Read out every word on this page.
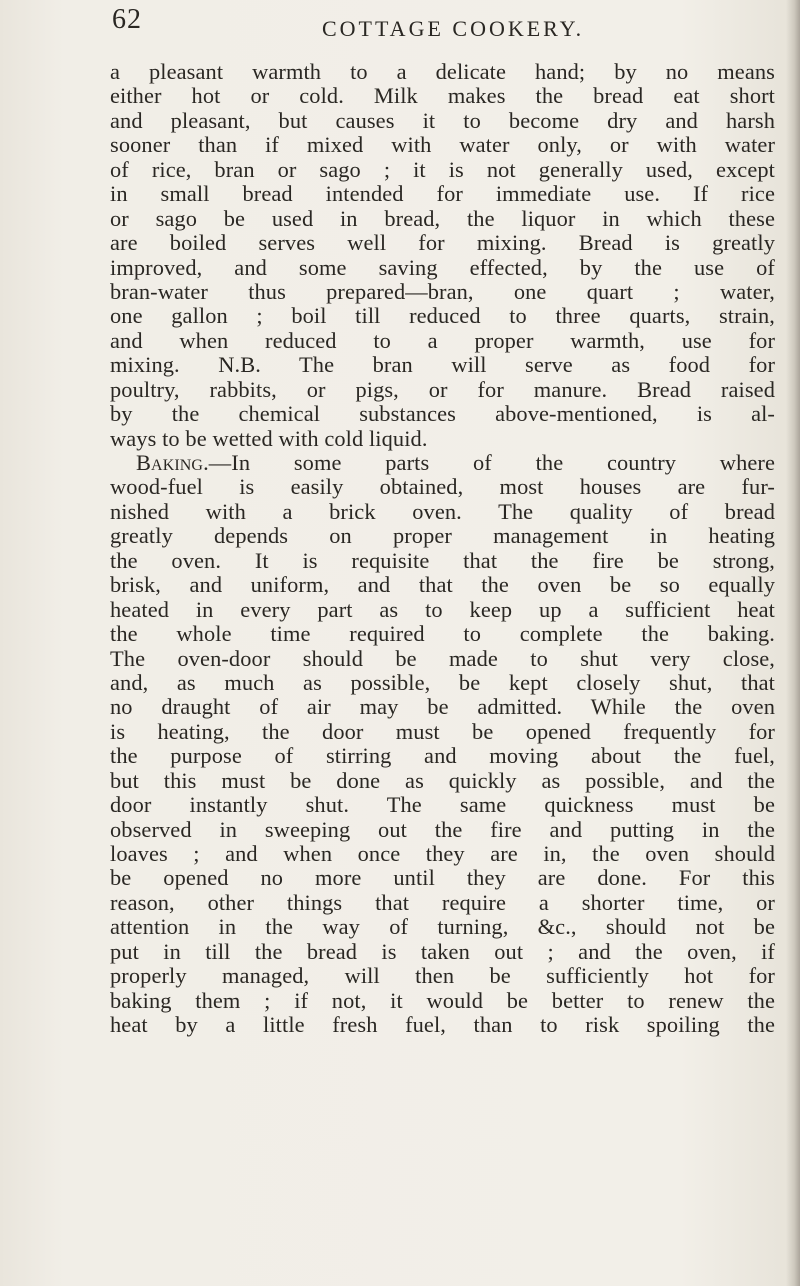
62	COTTAGE COOKERY.
a pleasant warmth to a delicate hand; by no means
either hot or cold. Milk makes the bread eat short
and pleasant, but causes it to become dry and harsh
sooner than if mixed with water only, or with water
of rice, bran or sago ; it is not generally used, except
in small bread intended for immediate use. If rice
or sago be used in bread, the liquor in which these
are boiled serves well for mixing. Bread is greatly
improved, and some saving effected, by the use of
bran-water thus prepared—bran, one quart ; water,
one gallon ; boil till reduced to three quarts, strain,
and when reduced to a proper warmth, use for
mixing. N.B. The bran will serve as food for
poultry, rabbits, or pigs, or for manure. Bread raised
by the chemical substances above-mentioned, is al-
ways to be wetted with cold liquid.
Baking.—In some parts of the country where
wood-fuel is easily obtained, most houses are fur-
nished with a brick oven. The quality of bread
greatly depends on proper management in heating
the oven. It is requisite that the fire be strong,
brisk, and uniform, and that the oven be so equally
heated in every part as to keep up a sufficient heat
the whole time required to complete the baking.
The oven-door should be made to shut very close,
and, as much as possible, be kept closely shut, that
no draught of air may be admitted. While the oven
is heating, the door must be opened frequently for
the purpose of stirring and moving about the fuel,
but this must be done as quickly as possible, and the
door instantly shut. The same quickness must be
observed in sweeping out the fire and putting in the
loaves ; and when once they are in, the oven should
be opened no more until they are done. For this
reason, other things that require a shorter time, or
attention in the way of turning, &c., should not be
put in till the bread is taken out ; and the oven, if
properly managed, will then be sufficiently hot for
baking them ; if not, it would be better to renew the
heat by a little fresh fuel, than to risk spoiling the
